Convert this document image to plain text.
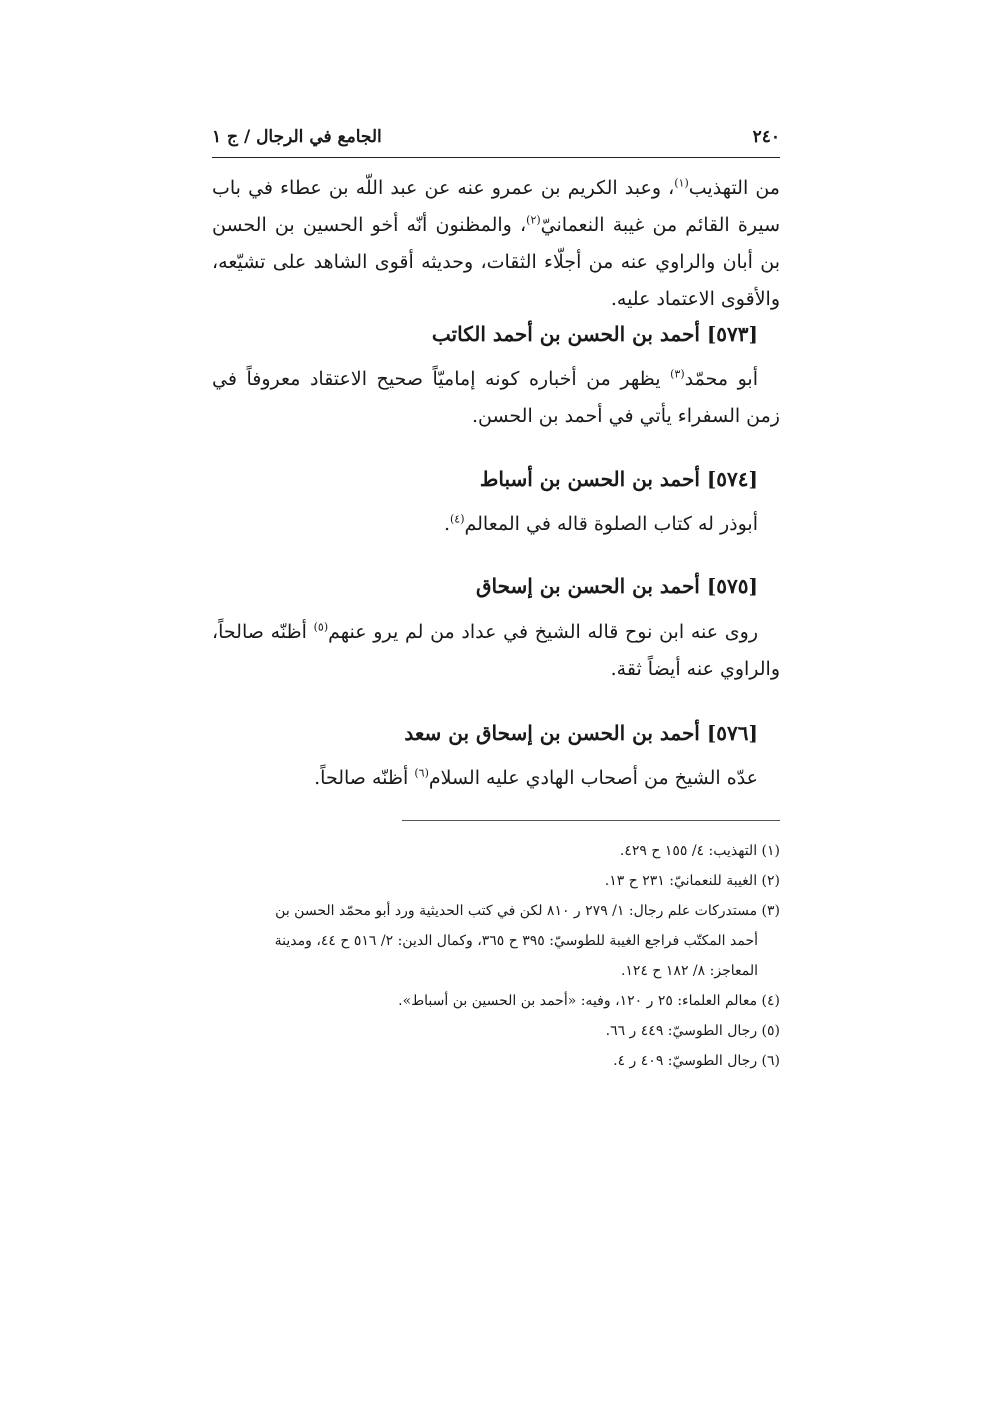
٢٤٠
الجامع في الرجال / ج ١

من التهذيب$^{(١)}$، وعبد الكريم بن عمرو عنه عن عبد اللّه بن عطاء في باب سيرة القائم من غيبة النعمانيّ$^{(٢)}$، والمظنون أنّه أخو الحسين بن الحسن بن أبان والراوي عنه من أجلّاء الثقات، وحديثه أقوى الشاهد على تشيّعه، والأقوى الاعتماد عليه.

[٥٧٣] أحمد بن الحسن بن أحمد الكاتب

أبو محمّد$^{(٣)}$ يظهر من أخباره كونه إماميّاً صحيح الاعتقاد معروفاً في زمن السفراء يأتي في أحمد بن الحسن.

[٥٧٤] أحمد بن الحسن بن أسباط

أبوذر له كتاب الصلوة قاله في المعالم$^{(٤)}$.

[٥٧٥] أحمد بن الحسن بن إسحاق

روى عنه ابن نوح قاله الشيخ في عداد من لم يرو عنهم$^{(٥)}$ أظنّه صالحاً، والراوي عنه أيضاً ثقة.

[٥٧٦] أحمد بن الحسن بن إسحاق بن سعد

عدّه الشيخ من أصحاب الهادي عليه السلام$^{(٦)}$ أظنّه صالحاً.

(١) التهذيب: ٤/ ١٥٥ ح ٤٢٩.

(٢) الغيبة للنعمانيّ: ٢٣١ ح ١٣.

(٣) مستدركات علم رجال: ١/ ٢٧٩ ر ٨١٠ لكن في كتب الحديثية ورد أبو محمّد الحسن بن
أحمد المكتّب فراجع الغيبة للطوسيّ: ٣٩٥ ح ٣٦٥، وكمال الدين: ٢/ ٥١٦ ح ٤٤، ومدينة
المعاجز: ٨/ ١٨٢ ح ١٢٤.

(٤) معالم العلماء: ٢٥ ر ١٢٠، وفيه: «أحمد بن الحسين بن أسباط».

(٥) رجال الطوسيّ: ٤٤٩ ر ٦٦.

(٦) رجال الطوسيّ: ٤٠٩ ر ٤.
